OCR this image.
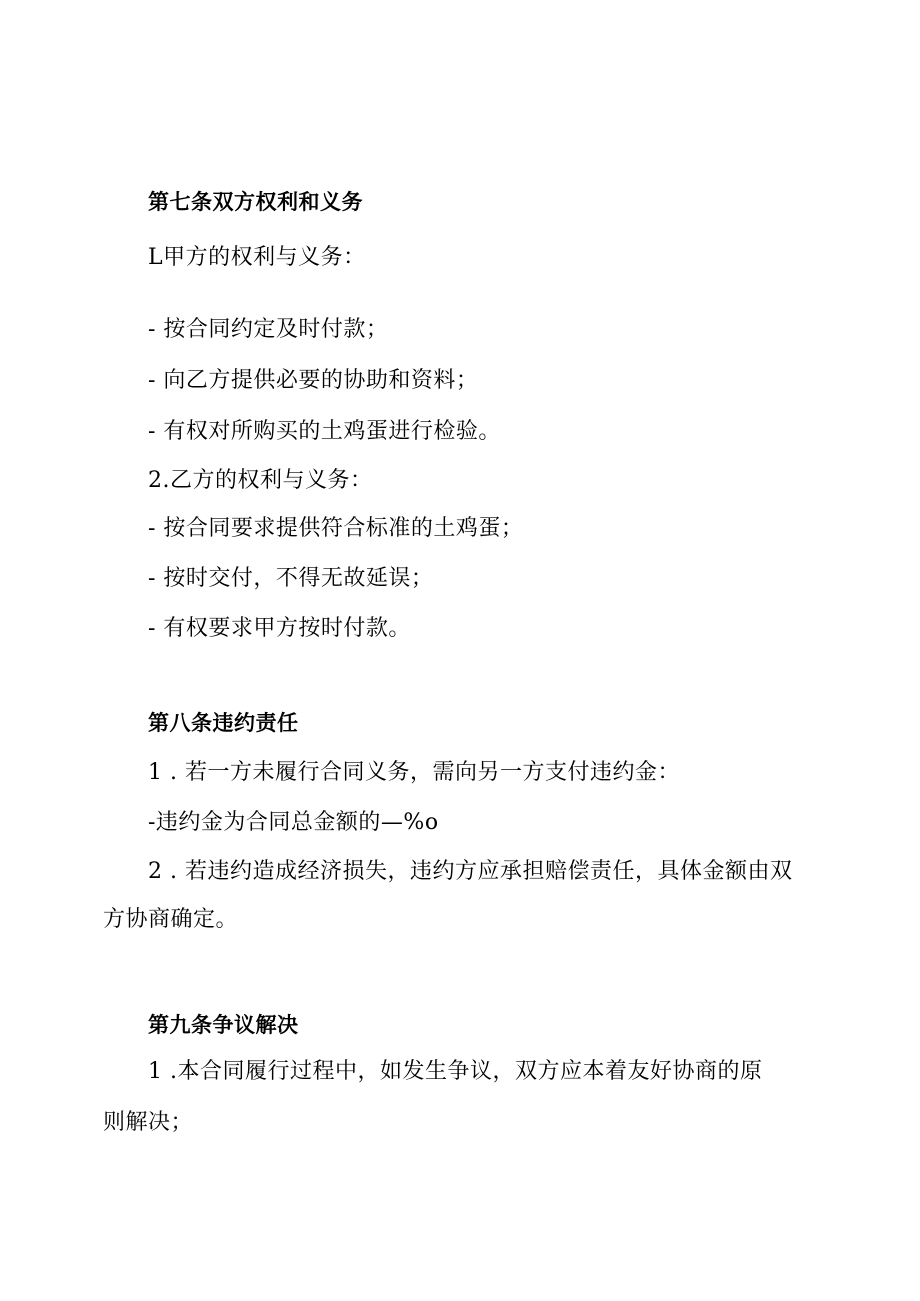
第七条双方权利和义务
L甲方的权利与义务：
- 按合同约定及时付款；
- 向乙方提供必要的协助和资料；
- 有权对所购买的土鸡蛋进行检验。
2.乙方的权利与义务：
- 按合同要求提供符合标准的土鸡蛋；
- 按时交付，不得无故延误；
- 有权要求甲方按时付款。
第八条违约责任
1 . 若一方未履行合同义务，需向另一方支付违约金：
-违约金为合同总金额的—%o
2 . 若违约造成经济损失，违约方应承担赔偿责任，具体金额由双
方协商确定。
第九条争议解决
1 .本合同履行过程中，如发生争议，双方应本着友好协商的原
则解决；
